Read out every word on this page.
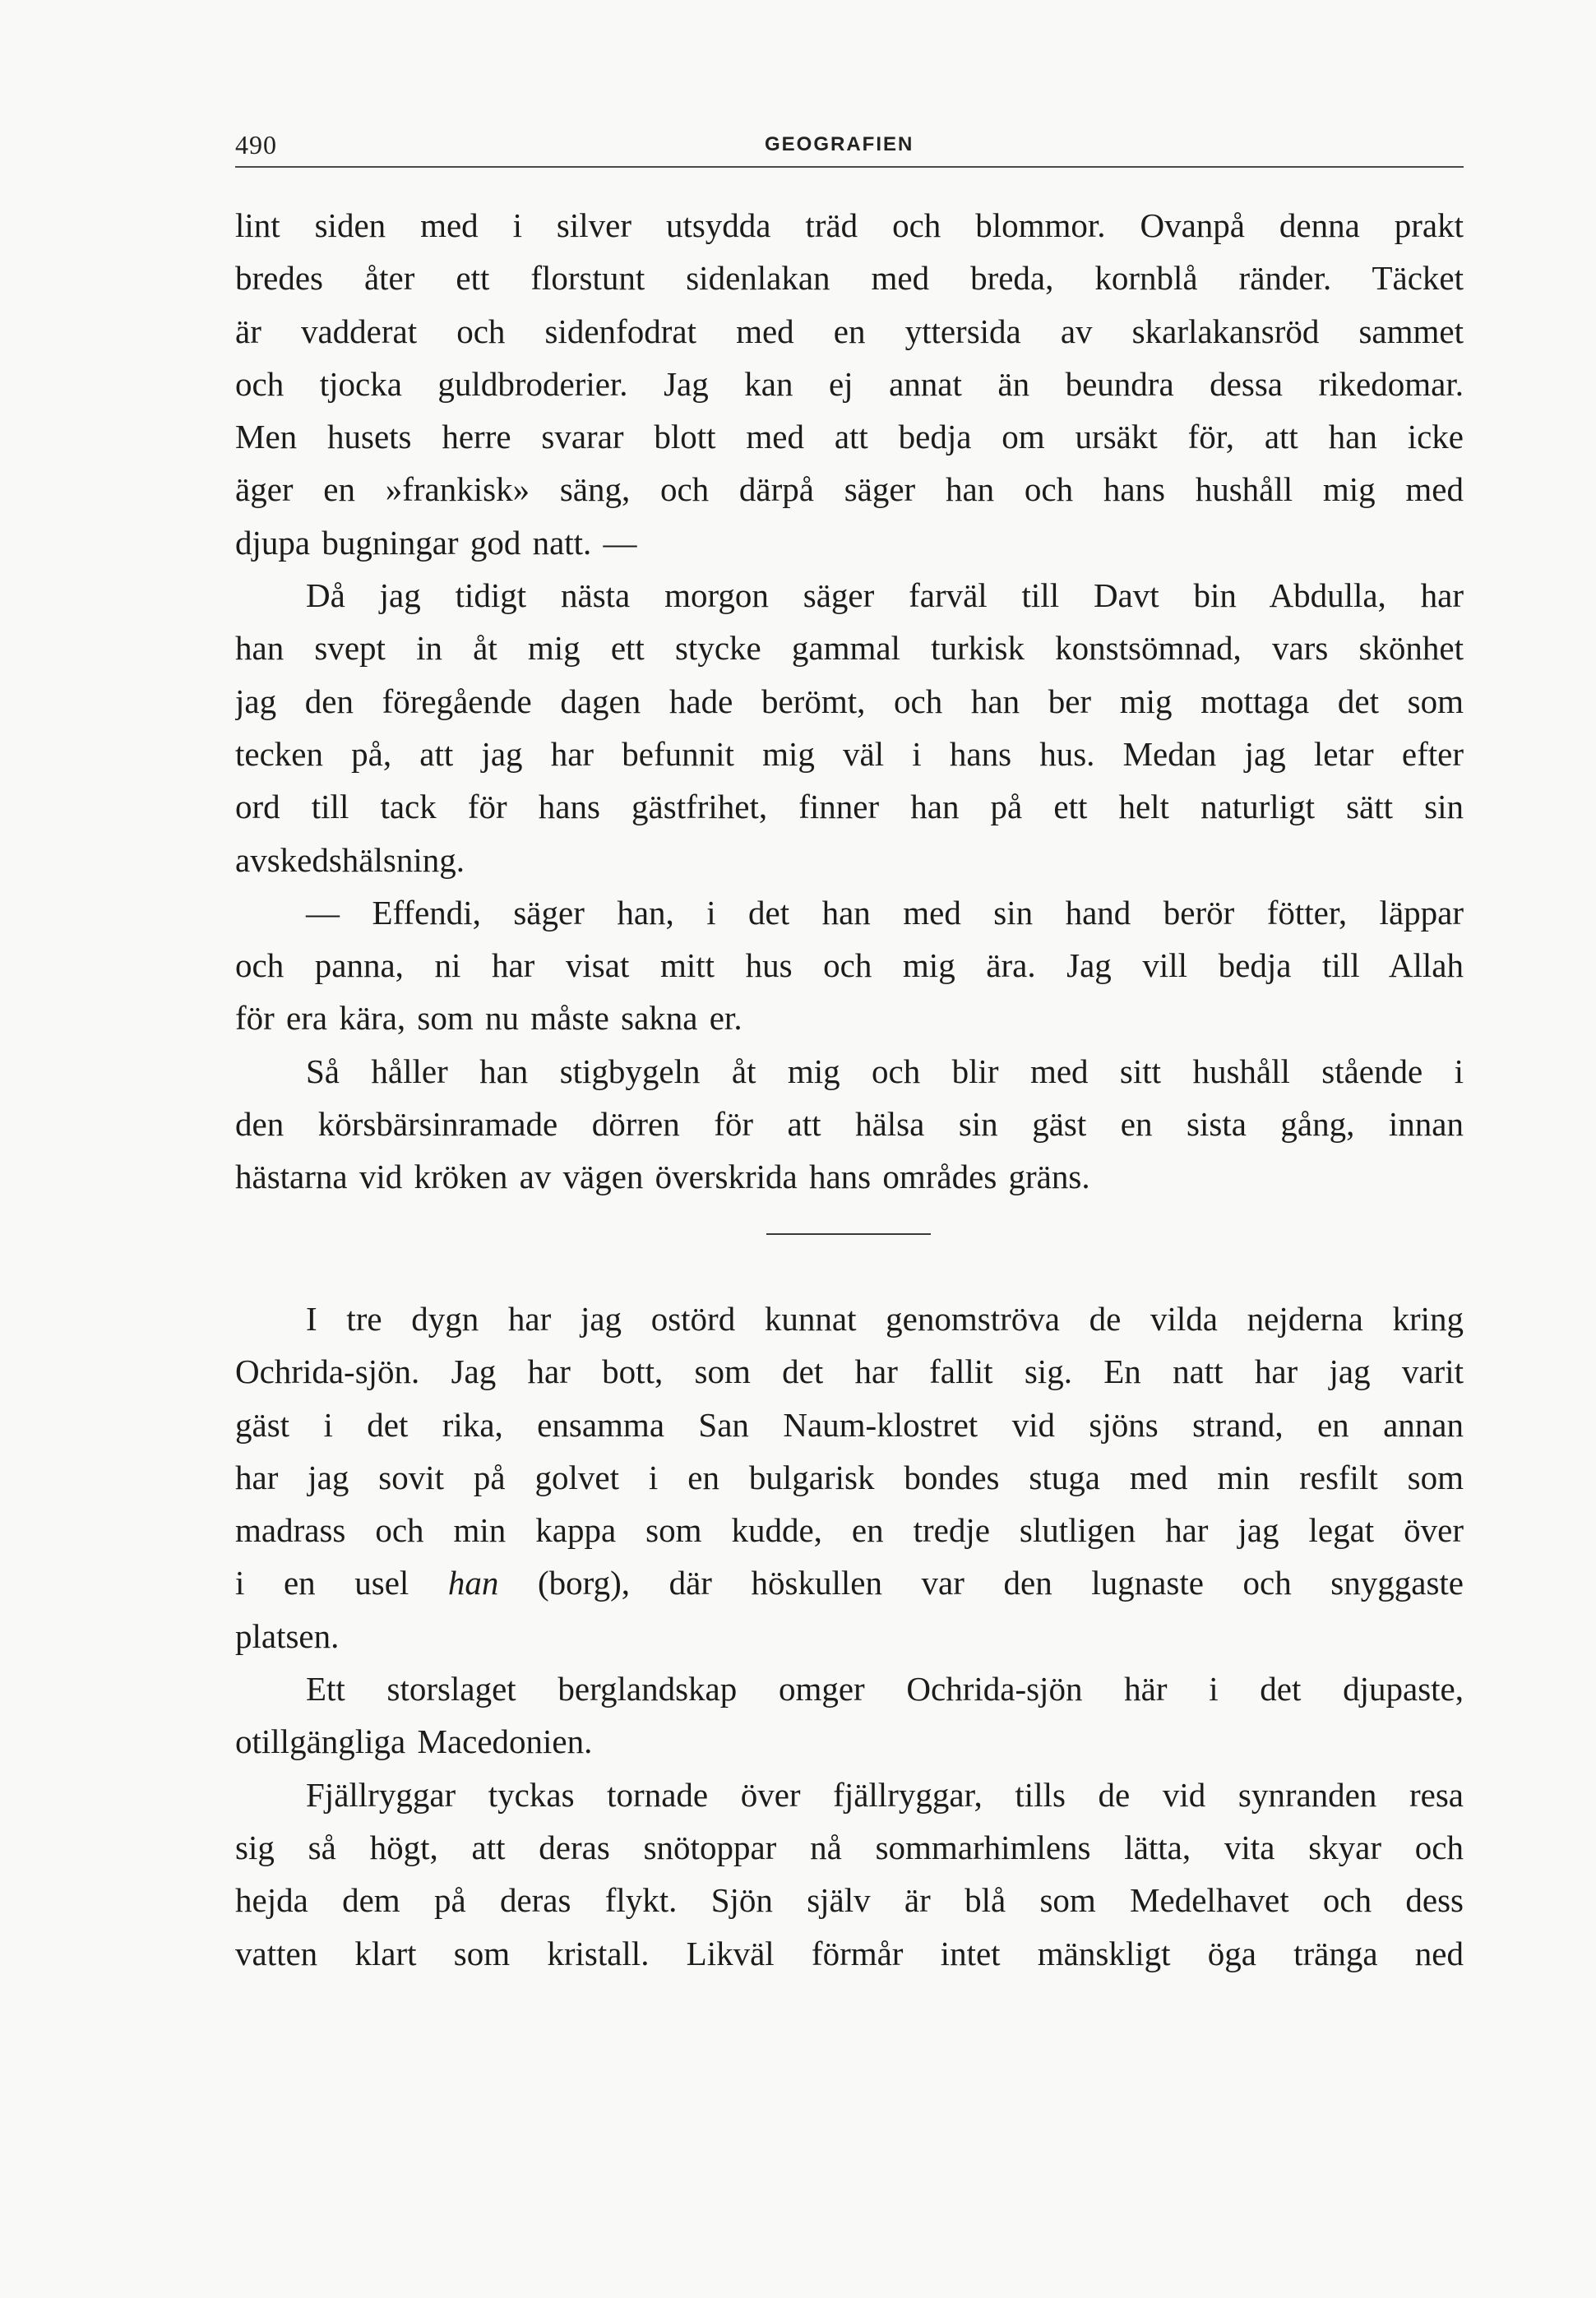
490	GEOGRAFIEN
lint siden med i silver utsydda träd och blommor. Ovanpå denna prakt
bredes åter ett florstunt sidenlakan med breda, kornblå ränder. Täcket
är vadderat och sidenfodrat med en yttersida av skarlakansröd sammet
och tjocka guldbroderier. Jag kan ej annat än beundra dessa rikedomar.
Men husets herre svarar blott med att bedja om ursäkt för, att han icke
äger en »frankisk» säng, och därpå säger han och hans hushåll mig med
djupa bugningar god natt. —
Då jag tidigt nästa morgon säger farväl till Davt bin Abdulla, har
han svept in åt mig ett stycke gammal turkisk konstsömnad, vars skönhet
jag den föregående dagen hade berömt, och han ber mig mottaga det som
tecken på, att jag har befunnit mig väl i hans hus. Medan jag letar efter
ord till tack för hans gästfrihet, finner han på ett helt naturligt sätt sin
avskedshälsning.
— Effendi, säger han, i det han med sin hand berör fötter, läppar
och panna, ni har visat mitt hus och mig ära. Jag vill bedja till Allah
för era kära, som nu måste sakna er.
Så håller han stigbygeln åt mig och blir med sitt hushåll stående i
den körsbärsinramade dörren för att hälsa sin gäst en sista gång, innan
hästarna vid kröken av vägen överskrida hans områdes gräns.
I tre dygn har jag ostörd kunnat genomströva de vilda nejderna kring
Ochrida-sjön. Jag har bott, som det har fallit sig. En natt har jag varit
gäst i det rika, ensamma San Naum-klostret vid sjöns strand, en annan
har jag sovit på golvet i en bulgarisk bondes stuga med min resfilt som
madrass och min kappa som kudde, en tredje slutligen har jag legat över
i en usel han (borg), där höskullen var den lugnaste och snyggaste
platsen.
Ett storslaget berglandskap omger Ochrida-sjön här i det djupaste,
otillgängliga Macedonien.
Fjällryggar tyckas tornade över fjällryggar, tills de vid synranden resa
sig så högt, att deras snötoppar nå sommarhimlens lätta, vita skyar och
hejda dem på deras flykt. Sjön själv är blå som Medelhavet och dess
vatten klart som kristall. Likväl förmår intet mänskligt öga tränga ned
